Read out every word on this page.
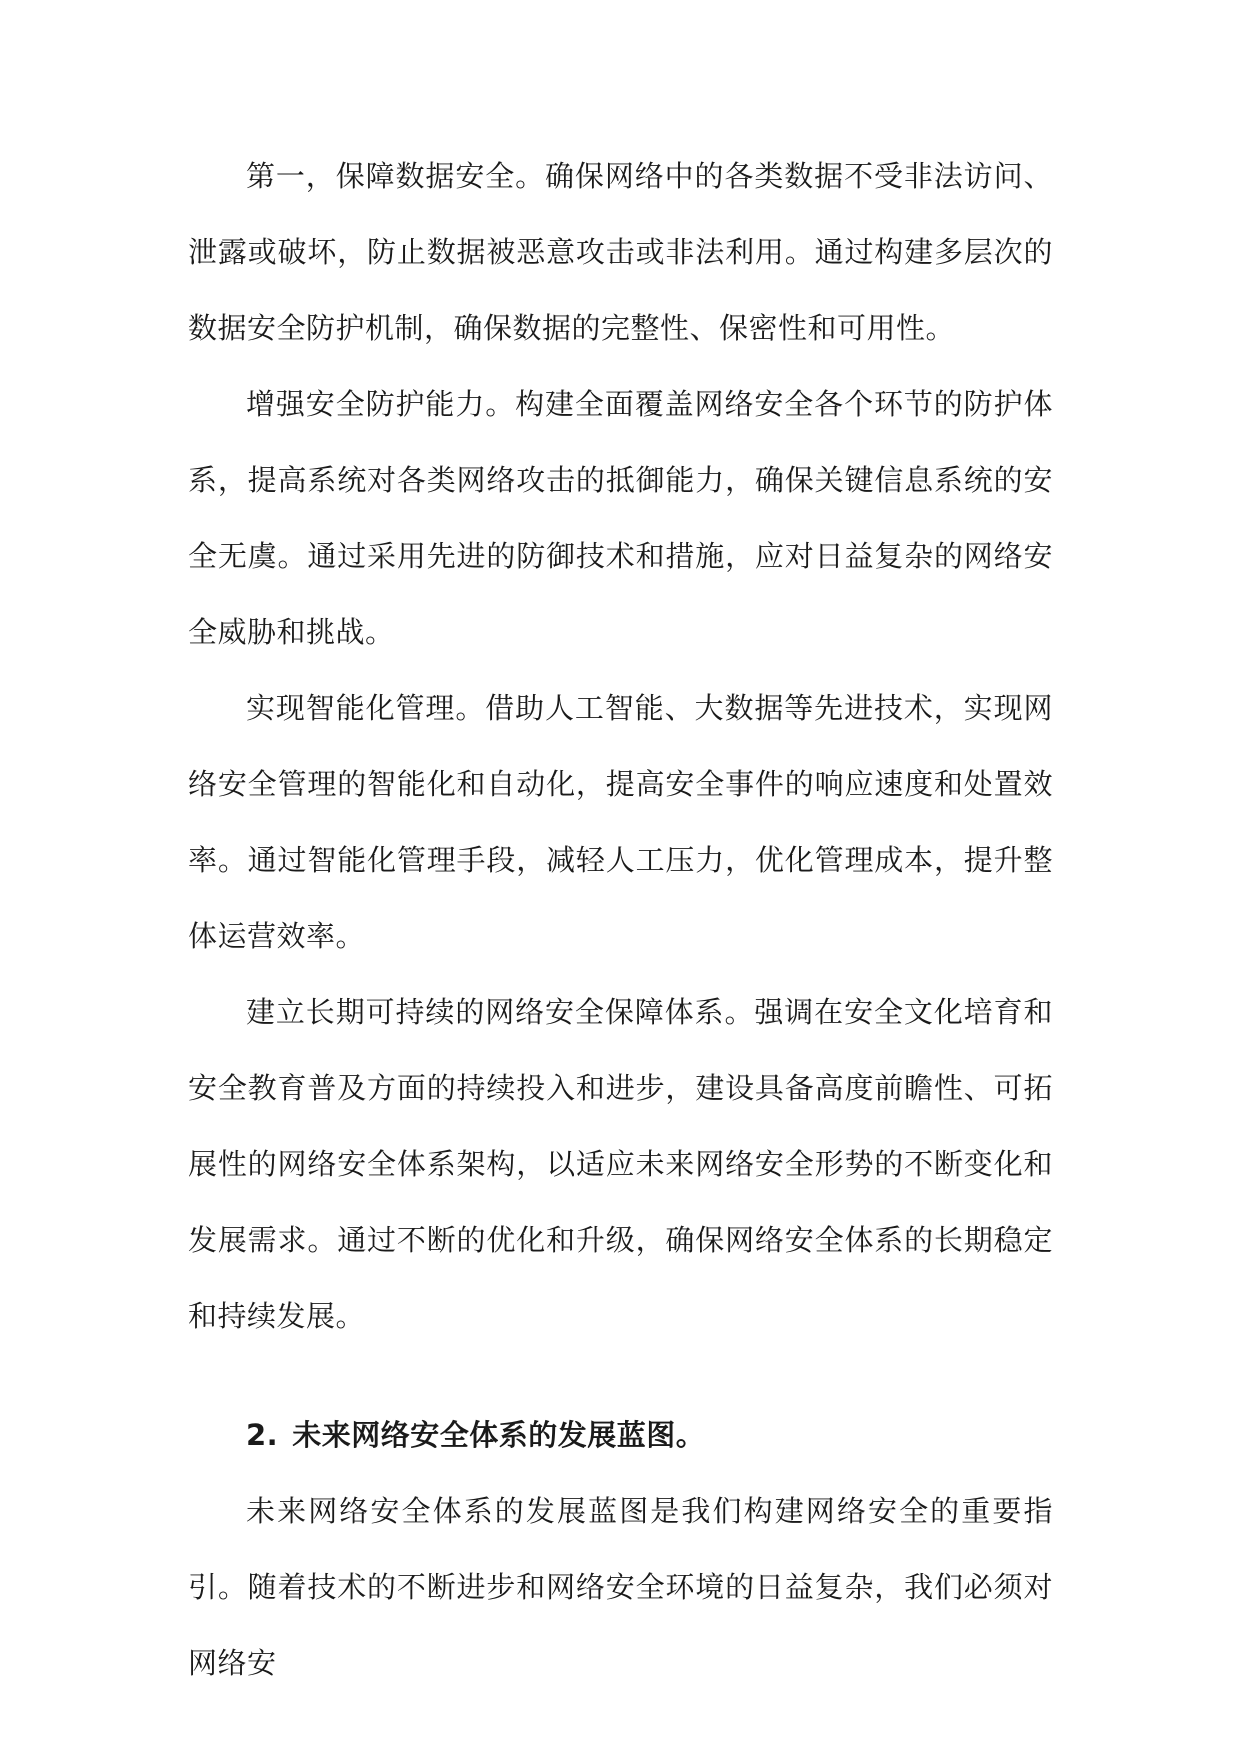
第一，保障数据安全。确保网络中的各类数据不受非法访问、泄露或破坏，防止数据被恶意攻击或非法利用。通过构建多层次的数据安全防护机制，确保数据的完整性、保密性和可用性。

增强安全防护能力。构建全面覆盖网络安全各个环节的防护体系，提高系统对各类网络攻击的抵御能力，确保关键信息系统的安全无虞。通过采用先进的防御技术和措施，应对日益复杂的网络安全威胁和挑战。

实现智能化管理。借助人工智能、大数据等先进技术，实现网络安全管理的智能化和自动化，提高安全事件的响应速度和处置效率。通过智能化管理手段，减轻人工压力，优化管理成本，提升整体运营效率。

建立长期可持续的网络安全保障体系。强调在安全文化培育和安全教育普及方面的持续投入和进步，建设具备高度前瞻性、可拓展性的网络安全体系架构，以适应未来网络安全形势的不断变化和发展需求。通过不断的优化和升级，确保网络安全体系的长期稳定和持续发展。

2. 未来网络安全体系的发展蓝图。

未来网络安全体系的发展蓝图是我们构建网络安全的重要指引。随着技术的不断进步和网络安全环境的日益复杂，我们必须对网络安
